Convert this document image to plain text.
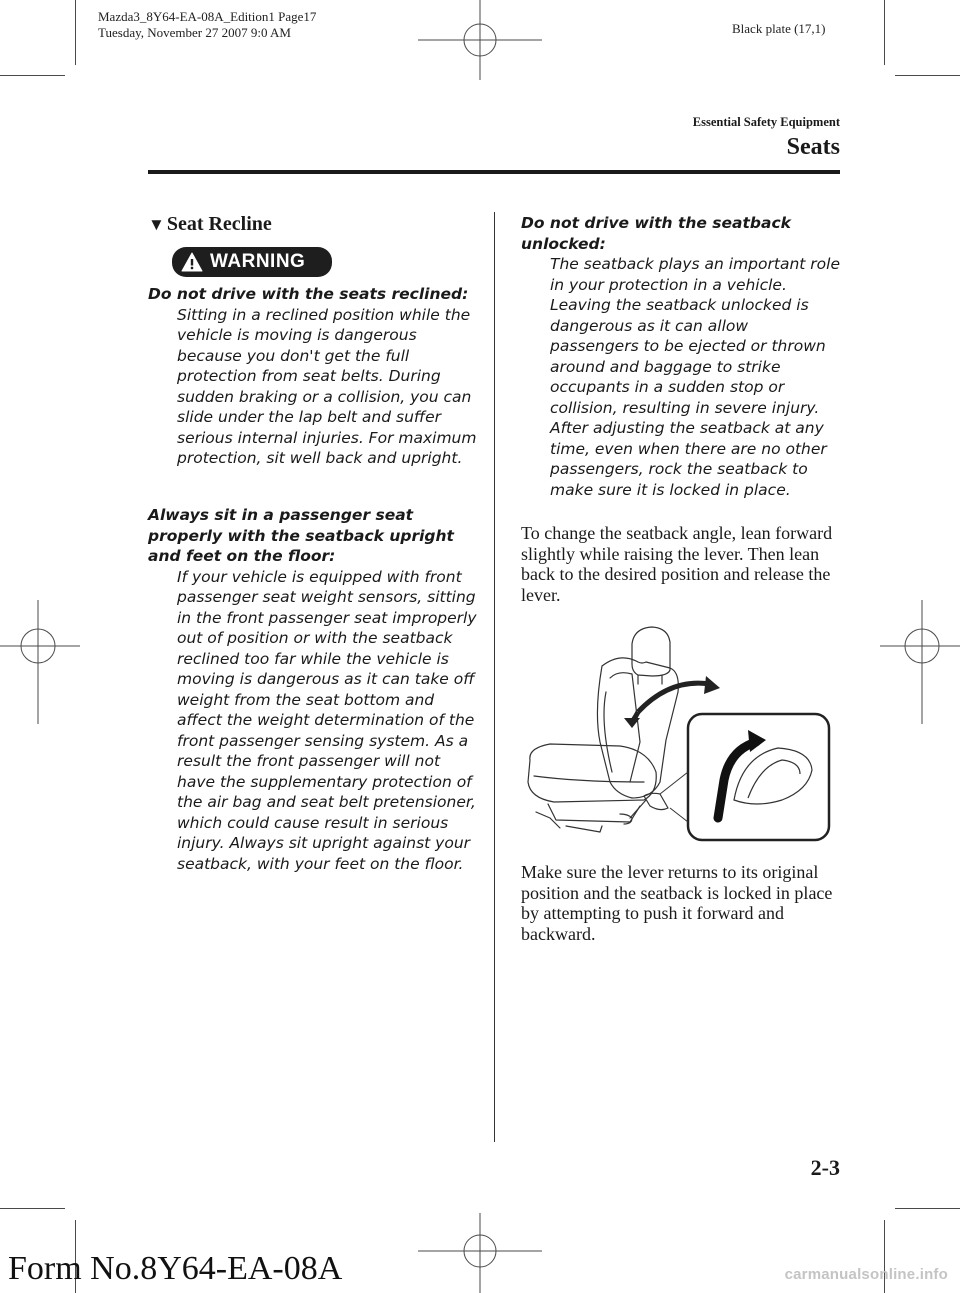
Mazda3_8Y64-EA-08A_Edition1 Page17
Tuesday, November 27 2007 9:0 AM	Black plate (17,1)
Essential Safety Equipment
Seats
▼ Seat Recline
WARNING
Do not drive with the seats reclined:
Sitting in a reclined position while the vehicle is moving is dangerous because you don't get the full protection from seat belts. During sudden braking or a collision, you can slide under the lap belt and suffer serious internal injuries. For maximum protection, sit well back and upright.
Always sit in a passenger seat properly with the seatback upright and feet on the floor:
If your vehicle is equipped with front passenger seat weight sensors, sitting in the front passenger seat improperly out of position or with the seatback reclined too far while the vehicle is moving is dangerous as it can take off weight from the seat bottom and affect the weight determination of the front passenger sensing system. As a result the front passenger will not have the supplementary protection of the air bag and seat belt pretensioner, which could cause result in serious injury. Always sit upright against your seatback, with your feet on the floor.
Do not drive with the seatback unlocked:
The seatback plays an important role in your protection in a vehicle. Leaving the seatback unlocked is dangerous as it can allow passengers to be ejected or thrown around and baggage to strike occupants in a sudden stop or collision, resulting in severe injury. After adjusting the seatback at any time, even when there are no other passengers, rock the seatback to make sure it is locked in place.
To change the seatback angle, lean forward slightly while raising the lever. Then lean back to the desired position and release the lever.
Make sure the lever returns to its original position and the seatback is locked in place by attempting to push it forward and backward.
2-3
Form No.8Y64-EA-08A	carmanualsonline.info
